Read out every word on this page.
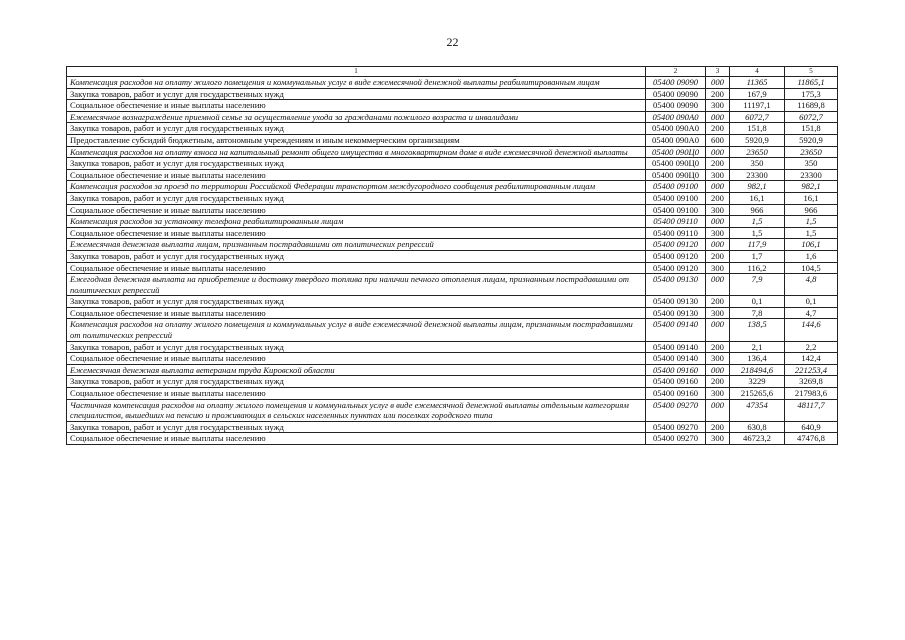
22
1	2	3	4	5
Компенсация расходов на оплату жилого помещения и коммунальных услуг в виде ежемесячной денежной выплаты реабилитированным лицам	05400 09090	000	11365	11865,1
Закупка товаров, работ и услуг для государственных нужд	05400 09090	200	167,9	175,3
Социальное обеспечение и иные выплаты населению	05400 09090	300	11197,1	11689,8
Ежемесячное вознаграждение приемной семье за осуществление ухода за гражданами пожилого возраста и инвалидами	05400 090А0	000	6072,7	6072,7
Закупка товаров, работ и услуг для государственных нужд	05400 090А0	200	151,8	151,8
Предоставление субсидий бюджетным, автономным учреждениям и иным некоммерческим организациям	05400 090А0	600	5920,9	5920,9
Компенсация расходов на оплату взноса на капитальный ремонт общего имущества в многоквартирном доме в виде ежемесячной денежной выплаты	05400 090Ц0	000	23650	23650
Закупка товаров, работ и услуг для государственных нужд	05400 090Ц0	200	350	350
Социальное обеспечение и иные выплаты населению	05400 090Ц0	300	23300	23300
Компенсация расходов за проезд по территории Российской Федерации транспортом междугородного сообщения реабилитированным лицам	05400 09100	000	982,1	982,1
Закупка товаров, работ и услуг для государственных нужд	05400 09100	200	16,1	16,1
Социальное обеспечение и иные выплаты населению	05400 09100	300	966	966
Компенсация расходов за установку телефона реабилитированным лицам	05400 09110	000	1,5	1,5
Социальное обеспечение и иные выплаты населению	05400 09110	300	1,5	1,5
Ежемесячная денежная выплата лицам, признанным пострадавшими от политических репрессий	05400 09120	000	117,9	106,1
Закупка товаров, работ и услуг для государственных нужд	05400 09120	200	1,7	1,6
Социальное обеспечение и иные выплаты населению	05400 09120	300	116,2	104,5
Ежегодная денежная выплата на приобретение и доставку твердого топлива при наличии печного отопления лицам, признанным пострадавшими от политических репрессий	05400 09130	000	7,9	4,8
Закупка товаров, работ и услуг для государственных нужд	05400 09130	200	0,1	0,1
Социальное обеспечение и иные выплаты населению	05400 09130	300	7,8	4,7
Компенсация расходов на оплату жилого помещения и коммунальных услуг в виде ежемесячной денежной выплаты лицам, признанным пострадавшими от политических репрессий	05400 09140	000	138,5	144,6
Закупка товаров, работ и услуг для государственных нужд	05400 09140	200	2,1	2,2
Социальное обеспечение и иные выплаты населению	05400 09140	300	136,4	142,4
Ежемесячная денежная выплата ветеранам труда Кировской области	05400 09160	000	218494,6	221253,4
Закупка товаров, работ и услуг для государственных нужд	05400 09160	200	3229	3269,8
Социальное обеспечение и иные выплаты населению	05400 09160	300	215265,6	217983,6
Частичная компенсация расходов на оплату жилого помещения и коммунальных услуг в виде ежемесячной денежной выплаты отдельным категориям специалистов, вышедших на пенсию и проживающих в сельских населенных пунктах или поселках городского типа	05400 09270	000	47354	48117,7
Закупка товаров, работ и услуг для государственных нужд	05400 09270	200	630,8	640,9
Социальное обеспечение и иные выплаты населению	05400 09270	300	46723,2	47476,8
